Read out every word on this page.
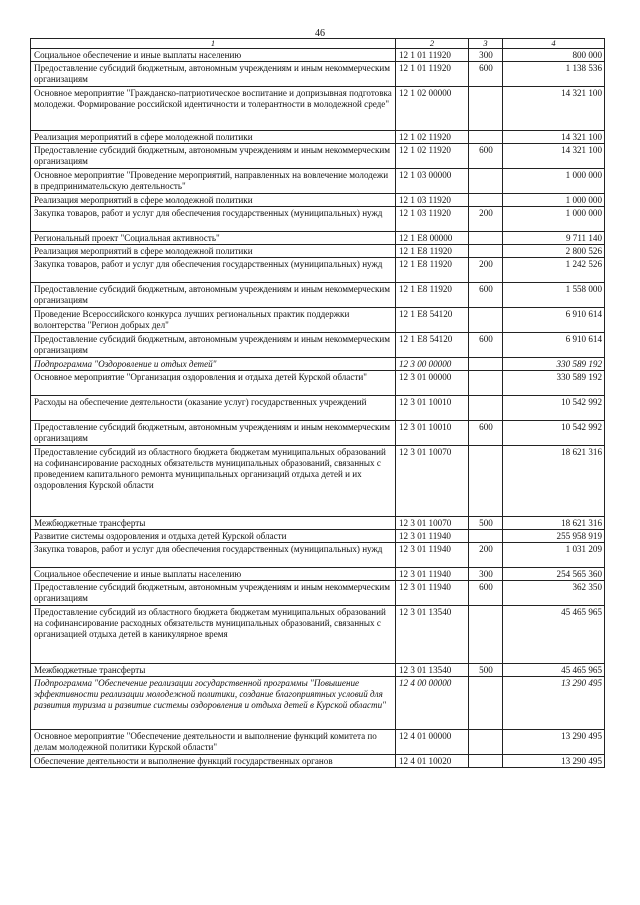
46
1	2	3	4
Социальное обеспечение и иные выплаты населению	12 1 01 11920	300	800 000
Предоставление субсидий бюджетным, автономным учреждениям и иным некоммерческим организациям	12 1 01 11920	600	1 138 536
Основное мероприятие "Гражданско-патриотическое воспитание и допризывная подготовка молодежи. Формирование российской идентичности и толерантности в молодежной среде"	12 1 02 00000		14 321 100
Реализация мероприятий в сфере молодежной политики	12 1 02 11920		14 321 100
Предоставление субсидий бюджетным, автономным учреждениям и иным некоммерческим организациям	12 1 02 11920	600	14 321 100
Основное мероприятие "Проведение мероприятий, направленных на вовлечение молодежи в предпринимательскую деятельность"	12 1 03 00000		1 000 000
Реализация мероприятий в сфере молодежной политики	12 1 03 11920		1 000 000
Закупка товаров, работ и услуг для обеспечения государственных (муниципальных) нужд	12 1 03 11920	200	1 000 000
Региональный проект "Социальная активность"	12 1 E8 00000		9 711 140
Реализация мероприятий в сфере молодежной политики	12 1 E8 11920		2 800 526
Закупка товаров, работ и услуг для обеспечения государственных (муниципальных) нужд	12 1 E8 11920	200	1 242 526
Предоставление субсидий бюджетным, автономным учреждениям и иным некоммерческим организациям	12 1 E8 11920	600	1 558 000
Проведение Всероссийского конкурса лучших региональных практик поддержки волонтерства "Регион добрых дел"	12 1 E8 54120		6 910 614
Предоставление субсидий бюджетным, автономным учреждениям и иным некоммерческим организациям	12 1 E8 54120	600	6 910 614
Подпрограмма "Оздоровление и отдых детей"	12 3 00 00000		330 589 192
Основное мероприятие "Организация оздоровления и отдыха детей Курской области"	12 3 01 00000		330 589 192
Расходы на обеспечение деятельности (оказание услуг) государственных учреждений	12 3 01 10010		10 542 992
Предоставление субсидий бюджетным, автономным учреждениям и иным некоммерческим организациям	12 3 01 10010	600	10 542 992
Предоставление субсидий из областного бюджета бюджетам муниципальных образований на софинансирование расходных обязательств муниципальных образований, связанных с проведением капитального ремонта муниципальных организаций отдыха детей и их оздоровления Курской области	12 3 01 10070		18 621 316
Межбюджетные трансферты	12 3 01 10070	500	18 621 316
Развитие системы оздоровления и отдыха детей Курской области	12 3 01 11940		255 958 919
Закупка товаров, работ и услуг для обеспечения государственных (муниципальных) нужд	12 3 01 11940	200	1 031 209
Социальное обеспечение и иные выплаты населению	12 3 01 11940	300	254 565 360
Предоставление субсидий бюджетным, автономным учреждениям и иным некоммерческим организациям	12 3 01 11940	600	362 350
Предоставление субсидий из областного бюджета бюджетам муниципальных образований на софинансирование расходных обязательств муниципальных образований, связанных с организацией отдыха детей в каникулярное время	12 3 01 13540		45 465 965
Межбюджетные трансферты	12 3 01 13540	500	45 465 965
Подпрограмма "Обеспечение реализации государственной программы "Повышение эффективности реализации молодежной политики, создание благоприятных условий для развития туризма и развитие системы оздоровления и отдыха детей в Курской области"	12 4 00 00000		13 290 495
Основное мероприятие "Обеспечение деятельности и выполнение функций комитета по делам молодежной политики Курской области"	12 4 01 00000		13 290 495
Обеспечение деятельности и выполнение функций государственных органов	12 4 01 10020		13 290 495
